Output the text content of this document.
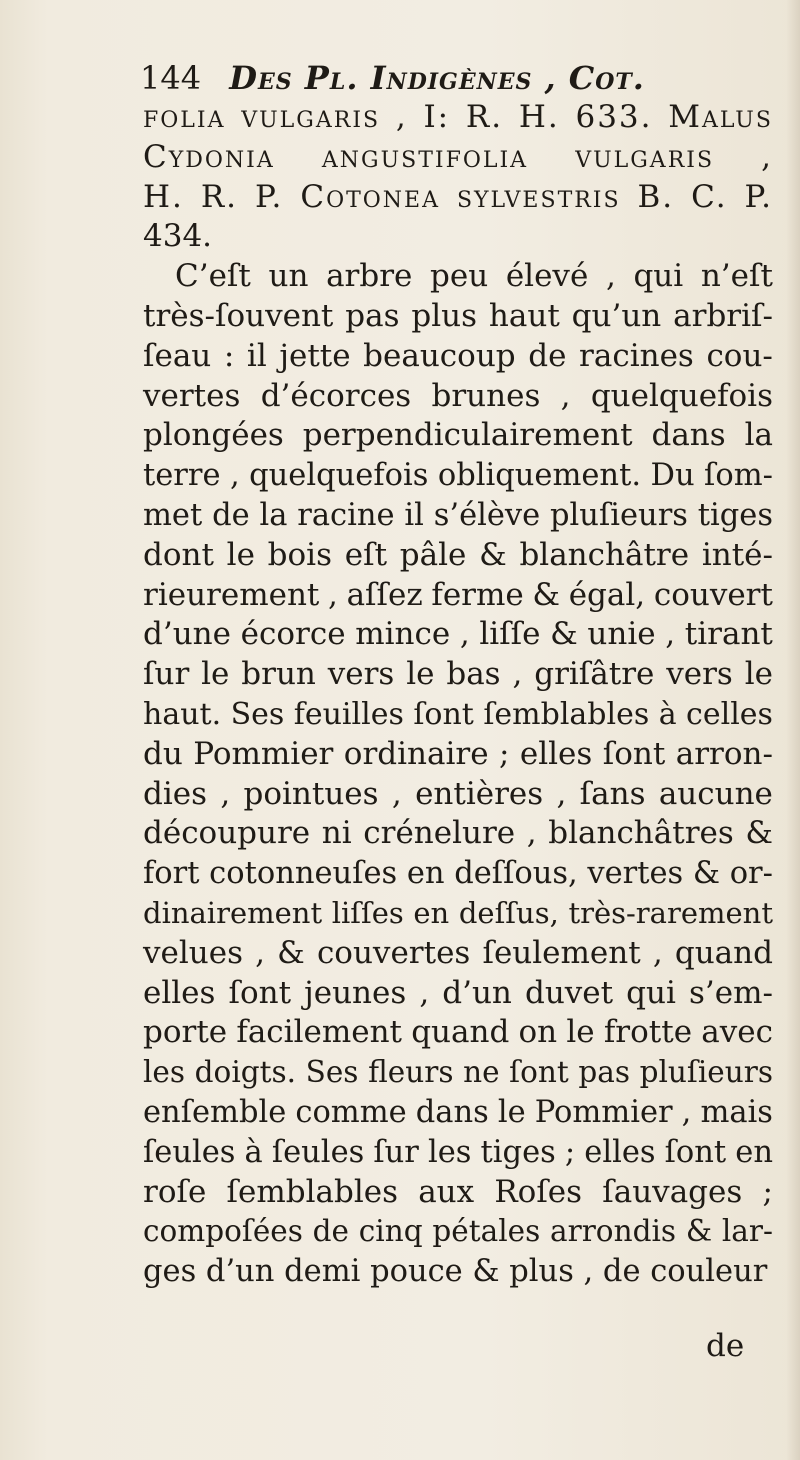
144 Des Pl. Indigènes , Cot.
folia vulgaris , I: R. H. 633. Malus
Cydonia angustifolia vulgaris ,
H. R. P. Cotonea sylvestris B. C. P.
434.
C’eſt un arbre peu élevé , qui n’eſt
très-ſouvent pas plus haut qu’un arbriſ-
ſeau : il jette beaucoup de racines cou-
vertes d’écorces brunes , quelquefois
plongées perpendiculairement dans la
terre , quelquefois obliquement. Du ſom-
met de la racine il s’élève pluſieurs tiges
dont le bois eſt pâle & blanchâtre inté-
rieurement , aſſez ferme & égal, couvert
d’une écorce mince , liſſe & unie , tirant
ſur le brun vers le bas , griſâtre vers le
haut. Ses feuilles ſont ſemblables à celles
du Pommier ordinaire ; elles ſont arron-
dies , pointues , entières , ſans aucune
découpure ni crénelure , blanchâtres &
fort cotonneuſes en deſſous, vertes & or-
dinairement liſſes en deſſus, très-rarement
velues , & couvertes ſeulement , quand
elles ſont jeunes , d’un duvet qui s’em-
porte facilement quand on le frotte avec
les doigts. Ses fleurs ne ſont pas pluſieurs
enſemble comme dans le Pommier , mais
ſeules à ſeules ſur les tiges ; elles ſont en
roſe ſemblables aux Roſes ſauvages ;
compoſées de cinq pétales arrondis & lar-
ges d’un demi pouce & plus , de couleur
de
